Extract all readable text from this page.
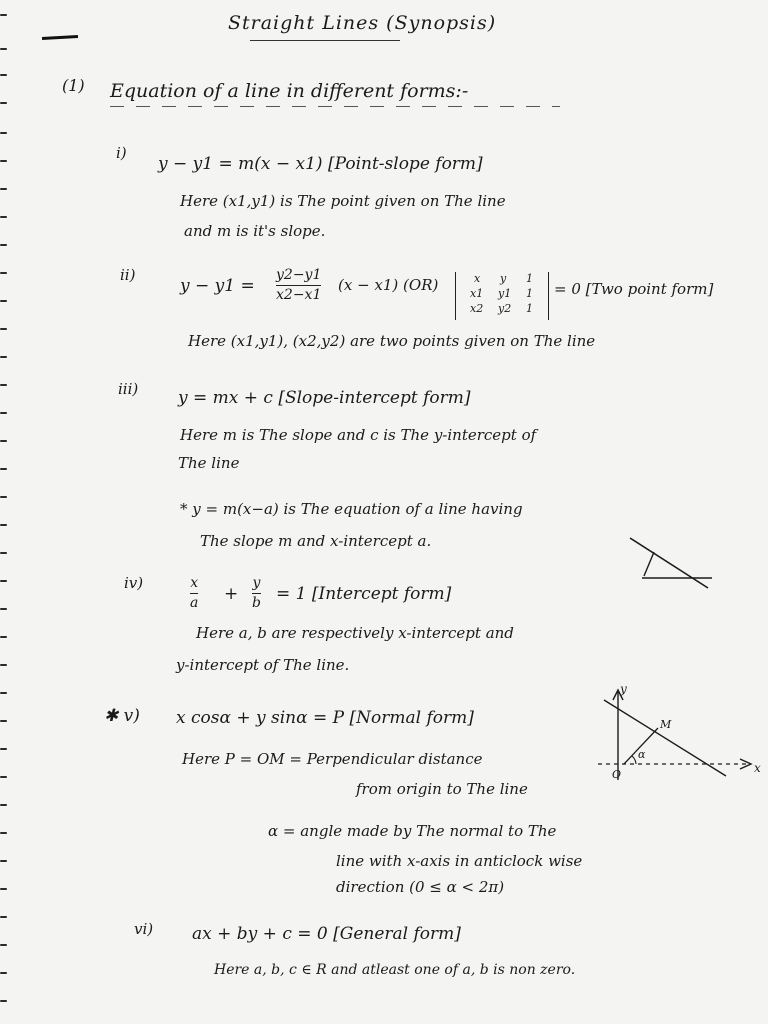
Straight Lines (Synopsis)
(1) Equation of a line in different forms:-
i)
y − y1 = m(x − x1) [Point-slope form]
Here (x1,y1) is The point given on The line
and m is it's slope.
ii)
y − y1 =
y2−y1
x2−x1
(x − x1) (OR)	x y 1
x1 y1 1
x2 y2 1
= 0 [Two point form]
Here (x1,y1), (x2,y2) are two points given on The line
iii) y = mx + c [Slope-intercept form]
Here m is The slope and c is The y-intercept of
The line
* y = m(x−a) is The equation of a line having
The slope m and x-intercept a.
iv)	x
a +
y
b = 1 [Intercept form]
Here a, b are respectively x-intercept and
y-intercept of The line.
✱ v) x cosα + y sinα = P [Normal form]
Here P = OM = Perpendicular distance
from origin to The line
α = angle made by The normal to The
line with x-axis in anticlock wise
direction (0 ≤ α < 2π)
y
x
O
M
α
vi) ax + by + c = 0 [General form]
Here a, b, c ∈ R and atleast one of a, b is non zero.
